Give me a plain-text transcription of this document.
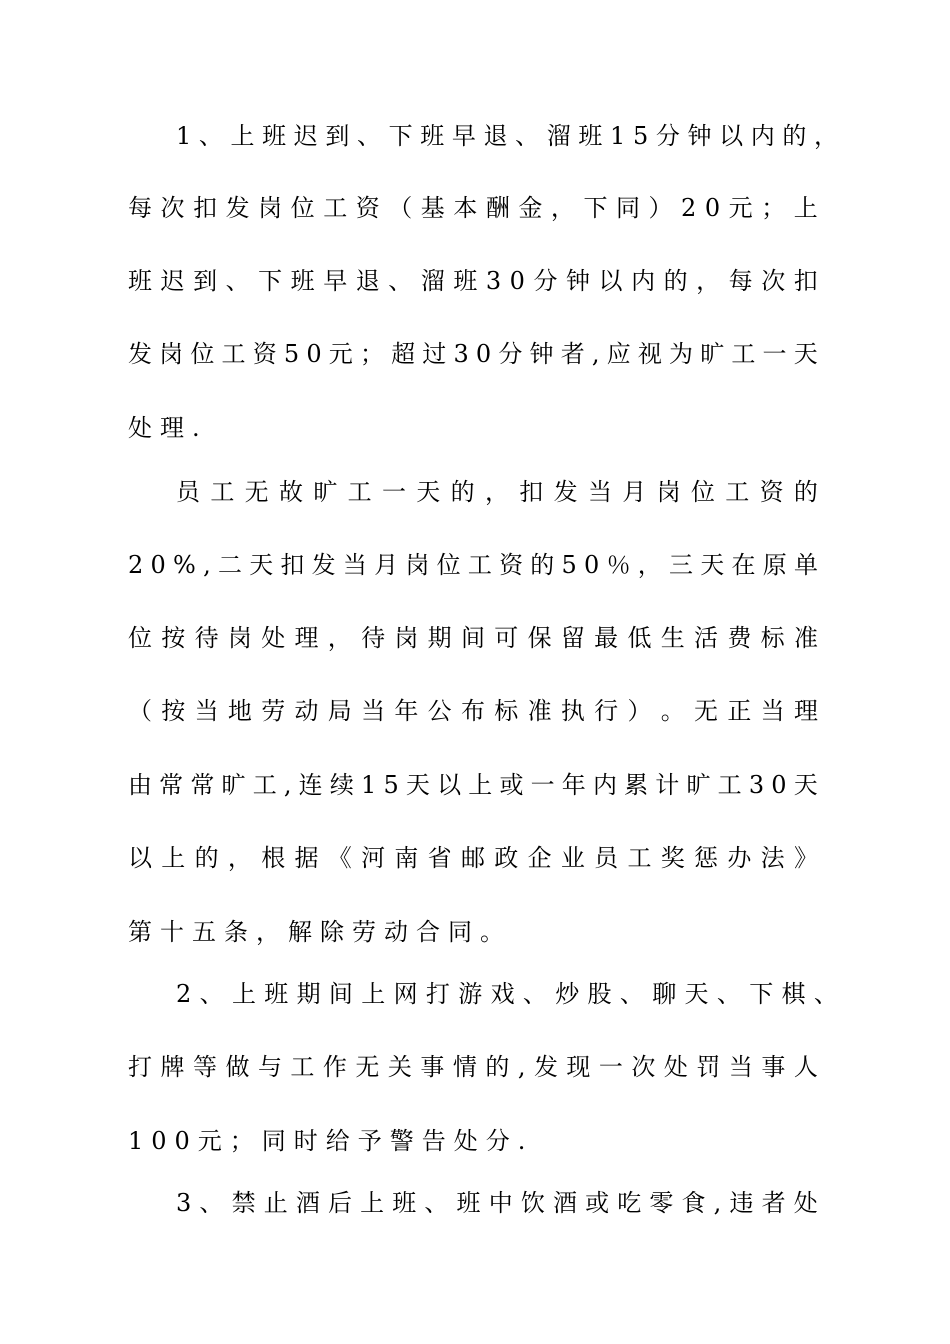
1 、 上 班 迟 到 、 下 班 早 退 、 溜 班 1 5 分 钟 以 内 的 ，
每 次 扣 发 岗 位 工 资 （ 基 本 酬 金 ， 下 同 ） 2 0 元 ； 上
班 迟 到 、 下 班 早 退 、 溜 班 3 0 分 钟 以 内 的 ， 每 次 扣
发 岗 位 工 资 5 0 元 ； 超 过 3 0 分 钟 者 , 应 视 为 旷 工 一 天
处理.
员 工 无 故 旷 工 一 天 的 ， 扣 发 当 月 岗 位 工 资 的
2 0 % , 二 天 扣 发 当 月 岗 位 工 资 的 5 0 ％ ， 三 天 在 原 单
位 按 待 岗 处 理 ， 待 岗 期 间 可 保 留 最 低 生 活 费 标 准
（ 按 当 地 劳 动 局 当 年 公 布 标 准 执 行 ） 。 无 正 当 理
由 常 常 旷 工 , 连 续 1 5 天 以 上 或 一 年 内 累 计 旷 工 3 0 天
以 上 的 ， 根 据 《 河 南 省 邮 政 企 业 员 工 奖 惩 办 法 》
第十五条，解除劳动合同。
2 、 上 班 期 间 上 网 打 游 戏 、 炒 股 、 聊 天 、 下 棋 、
打 牌 等 做 与 工 作 无 关 事 情 的 , 发 现 一 次 处 罚 当 事 人
100元；同时给予警告处分.
3 、 禁 止 酒 后 上 班 、 班 中 饮 酒 或 吃 零 食 , 违 者 处
